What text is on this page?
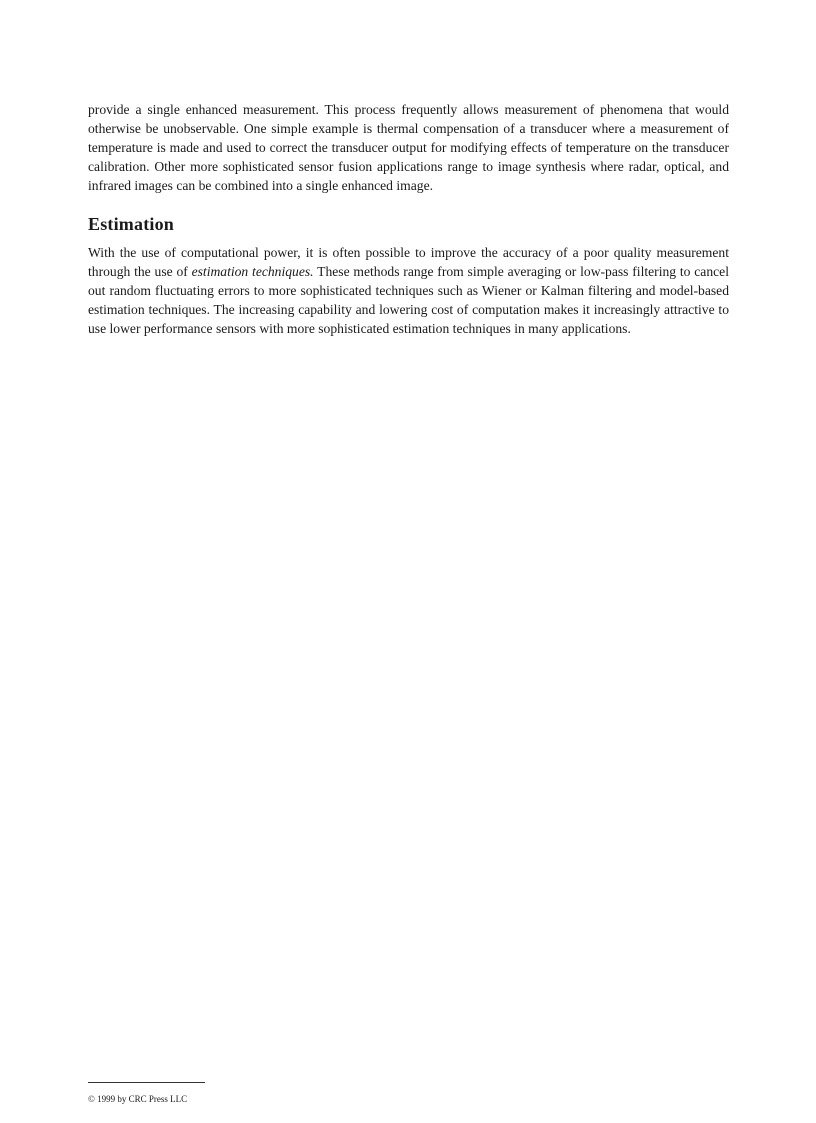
provide a single enhanced measurement. This process frequently allows measurement of phenomena that would otherwise be unobservable. One simple example is thermal compensation of a transducer where a measurement of temperature is made and used to correct the transducer output for modifying effects of temperature on the transducer calibration. Other more sophisticated sensor fusion applications range to image synthesis where radar, optical, and infrared images can be combined into a single enhanced image.

Estimation

With the use of computational power, it is often possible to improve the accuracy of a poor quality measurement through the use of estimation techniques. These methods range from simple averaging or low-pass filtering to cancel out random fluctuating errors to more sophisticated techniques such as Wiener or Kalman filtering and model-based estimation techniques. The increasing capability and lowering cost of computation makes it increasingly attractive to use lower performance sensors with more sophisticated estimation techniques in many applications.

© 1999 by CRC Press LLC
